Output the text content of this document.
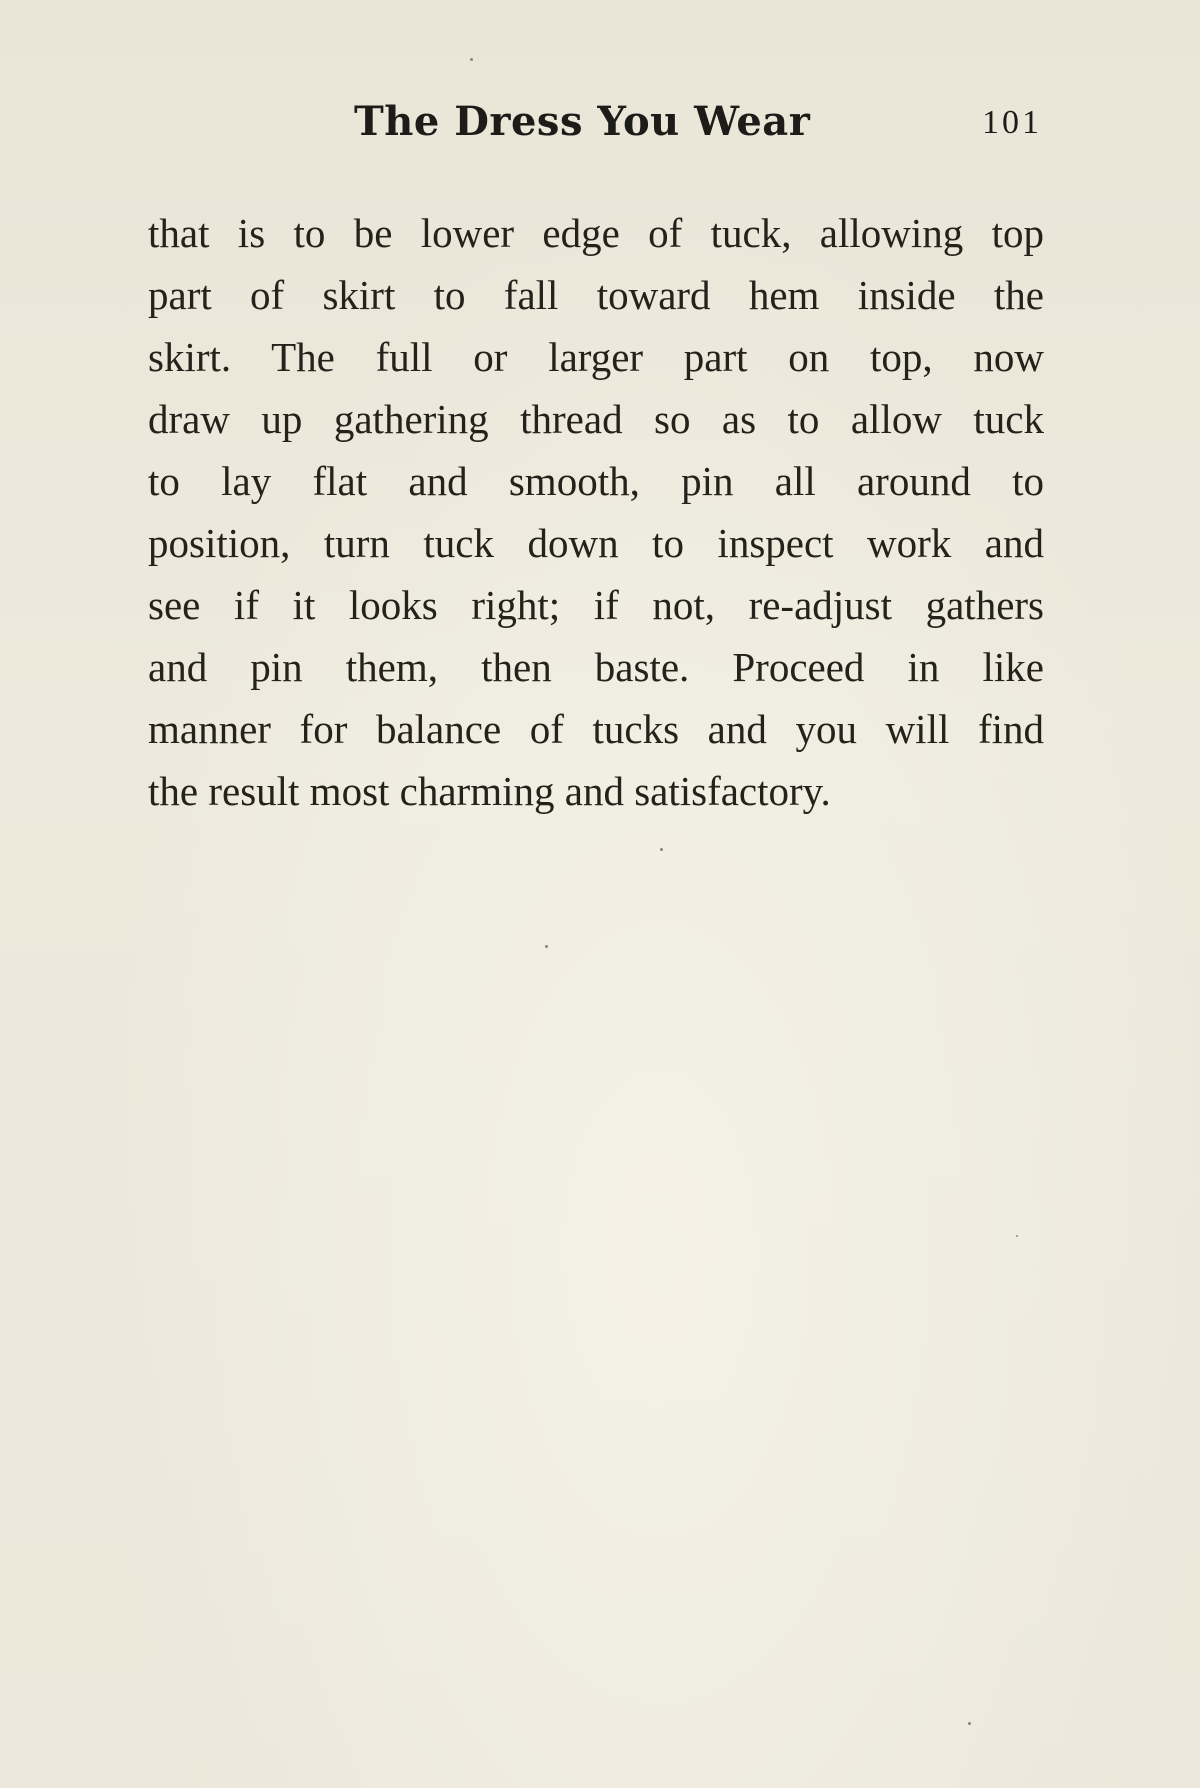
The Dress You Wear	101
that is to be lower edge of tuck, allowing top
part of skirt to fall toward hem inside the
skirt. The full or larger part on top, now
draw up gathering thread so as to allow tuck
to lay flat and smooth, pin all around to
position, turn tuck down to inspect work and
see if it looks right; if not, re-adjust gathers
and pin them, then baste. Proceed in like
manner for balance of tucks and you will find
the result most charming and satisfactory.
